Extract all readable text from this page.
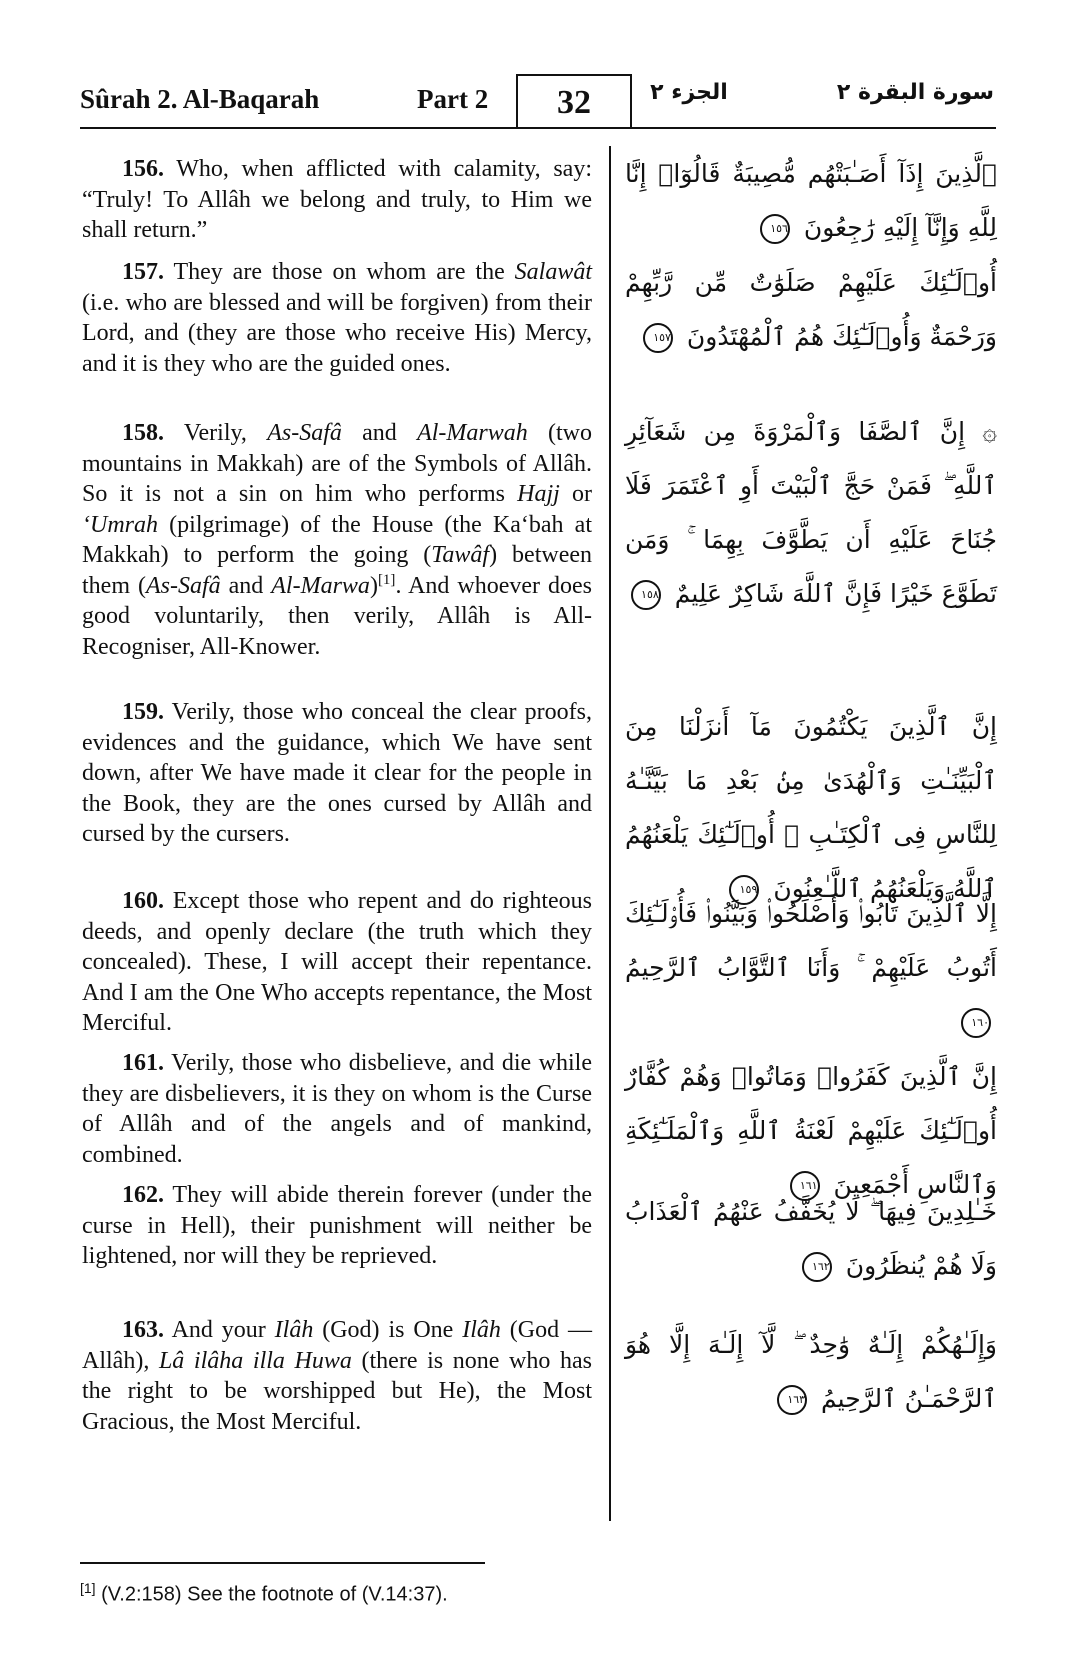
Sûrah 2. Al-Baqarah	Part 2	32	الجزء ٢	سورة البقرة ٢
156. Who, when afflicted with calamity, say: “Truly! To Allâh we belong and truly, to Him we shall return.”
157. They are those on whom are the Salawât (i.e. who are blessed and will be forgiven) from their Lord, and (they are those who receive His) Mercy, and it is they who are the guided ones.
158. Verily, As-Safâ and Al-Marwah (two mountains in Makkah) are of the Symbols of Allâh. So it is not a sin on him who performs Hajj or ‘Umrah (pilgrimage) of the House (the Ka‘bah at Makkah) to perform the going (Tawâf) between them (As-Safâ and Al-Marwa)[1]. And whoever does good voluntarily, then verily, Allâh is All-Recogniser, All-Knower.
159. Verily, those who conceal the clear proofs, evidences and the guidance, which We have sent down, after We have made it clear for the people in the Book, they are the ones cursed by Allâh and cursed by the cursers.
160. Except those who repent and do righteous deeds, and openly declare (the truth which they concealed). These, I will accept their repentance. And I am the One Who accepts repentance, the Most Merciful.
161. Verily, those who disbelieve, and die while they are disbelievers, it is they on whom is the Curse of Allâh and of the angels and of mankind, combined.
162. They will abide therein forever (under the curse in Hell), their punishment will neither be lightened, nor will they be reprieved.
163. And your Ilâh (God) is One Ilâh (God — Allâh), Lâ ilâha illa Huwa (there is none who has the right to be worshipped but He), the Most Gracious, the Most Merciful.
ٱلَّذِينَ إِذَآ أَصَـٰبَتْهُم مُّصِيبَةٌ قَالُوٓا۟ إِنَّا لِلَّهِ وَإِنَّآ إِلَيْهِ رَٰجِعُونَ ١٥٦
أُو۟لَـٰٓئِكَ عَلَيْهِمْ صَلَوَٰتٌ مِّن رَّبِّهِمْ وَرَحْمَةٌ وَأُو۟لَـٰٓئِكَ هُمُ ٱلْمُهْتَدُونَ ١٥٧
۞ إِنَّ ٱلصَّفَا وَٱلْمَرْوَةَ مِن شَعَآئِرِ ٱللَّهِ ۖ فَمَنْ حَجَّ ٱلْبَيْتَ أَوِ ٱعْتَمَرَ فَلَا جُنَاحَ عَلَيْهِ أَن يَطَّوَّفَ بِهِمَا ۚ وَمَن تَطَوَّعَ خَيْرًا فَإِنَّ ٱللَّهَ شَاكِرٌ عَلِيمٌ ١٥٨
إِنَّ ٱلَّذِينَ يَكْتُمُونَ مَآ أَنزَلْنَا مِنَ ٱلْبَيِّنَـٰتِ وَٱلْهُدَىٰ مِنۢ بَعْدِ مَا بَيَّنَّـٰهُ لِلنَّاسِ فِى ٱلْكِتَـٰبِ ۙ أُو۟لَـٰٓئِكَ يَلْعَنُهُمُ ٱللَّهُ وَيَلْعَنُهُمُ ٱللَّـٰعِنُونَ ١٥٩
إِلَّا ٱلَّذِينَ تَابُوا۟ وَأَصْلَحُوا۟ وَبَيَّنُوا۟ فَأُو۟لَـٰٓئِكَ أَتُوبُ عَلَيْهِمْ ۚ وَأَنَا ٱلتَّوَّابُ ٱلرَّحِيمُ ١٦٠
إِنَّ ٱلَّذِينَ كَفَرُوا۟ وَمَاتُوا۟ وَهُمْ كُفَّارٌ أُو۟لَـٰٓئِكَ عَلَيْهِمْ لَعْنَةُ ٱللَّهِ وَٱلْمَلَـٰٓئِكَةِ وَٱلنَّاسِ أَجْمَعِينَ ١٦١
خَـٰلِدِينَ فِيهَا ۖ لَا يُخَفَّفُ عَنْهُمُ ٱلْعَذَابُ وَلَا هُمْ يُنظَرُونَ ١٦٢
وَإِلَـٰهُكُمْ إِلَـٰهٌ وَٰحِدٌ ۖ لَّآ إِلَـٰهَ إِلَّا هُوَ ٱلرَّحْمَـٰنُ ٱلرَّحِيمُ ١٦٣
[1] (V.2:158) See the footnote of (V.14:37).
